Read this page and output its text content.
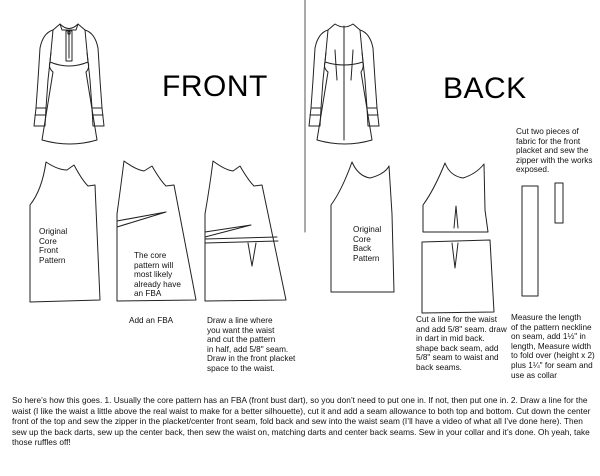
FRONT	BACK
Original
Core
Front
Pattern
The core
pattern will
most likely
already have
an FBA
Add an FBA	Draw a line where
you want the waist
and cut the pattern
in half, add 5/8" seam.
Draw in the front placket
space to the waist.
Original
Core
Back
Pattern
Cut two pieces of
fabric for the front
placket and sew the
zipper with the works
exposed.
Cut a line for the waist
and add 5/8" seam. draw
in dart in mid back.
shape back seam, add
5/8" seam to waist and
back seams.
Measure the length
of the pattern neckline
on seam, add 1½" in
length, Measure width
to fold over (height x 2)
plus 1¼" for seam and
use as collar
So here’s how this goes. 1. Usually the core pattern has an FBA (front bust dart), so you don’t need to put one in. If not, then put one in. 2. Draw a line for the waist (I like the waist a little above the real waist to make for a better silhouette), cut it and add a seam allowance to both top and bottom. Cut down the center front of the top and sew the zipper in the placket/center front seam, fold back and sew into the waist seam (I’ll have a video of what all I’ve done here). Then sew up the back darts, sew up the center back, then sew the waist on, matching darts and center back seams. Sew in your collar and it’s done. Oh yeah, take those ruffles off!
